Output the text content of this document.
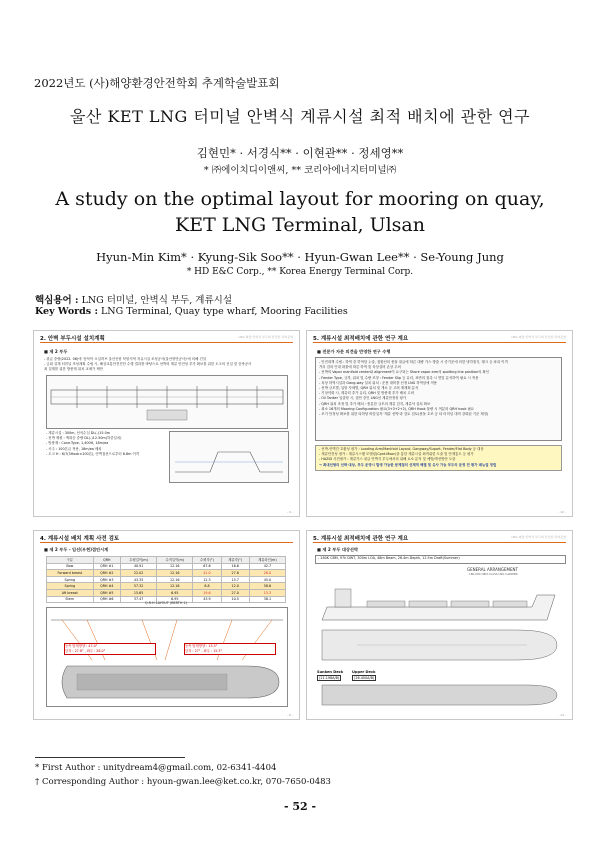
2022년도 (사)해양환경안전학회 추계학술발표회
울산 KET LNG 터미널 안벽식 계류시설 최적 배치에 관한 연구
김현민* · 서경식** · 이현관** · 정세영**
* ㈜에이치디이앤씨, ** 코리아에너지터미널㈜
A study on the optimal layout for mooring on quay, KET LNG Terminal, Ulsan
Hyun-Min Kim* · Kyung-Sik Soo** · Hyun-Gwan Lee** · Se-Young Jung
* HD E&C Corp., ** Korea Energy Terminal Corp.
핵심용어 : LNG 터미널, 안벽식 부두, 계류시설
Key Words : LNG Terminal, Quay type wharf, Mooring Facilities
LNG 화물 안벽식 부두의 안전한 하역운영
2. 안벽 부두시설 설치계획
■ 제 2 부두
- 취급 중량(2022. 06)에 '동북아 오일허브 울산신항 북항지역 저유시설 조성공사(울산항만공사)'에 의해 건설
- 금회 설계 터미널 조성계획 수립 시, 해상교통안전진단 수행 결과를 바탕으로 선박의 계류 안전성 추가 확보를 위한 도크의 신설 및 증축공사
최 설계를 위한 방충재 위치 교체가 제안
- 계류시설 : 300m, 선석수심 DL(-)15.0m
- 선박 제원 : 액화순 중량 DL(-)12.50m(하중일치)
- 방충재 : Cone-Type, 1,400H, 18m/ea
- 곡주 : 100톤급 적용, 18m/ea 배치
- 도크 H : 6/7(3Hook×100톤), 안벽접선으로부터 6.8m 이격
- 9 -
LNG 화물 안벽식 부두의 안전한 하역운영
5. 계류시설 최적배치에 관한 연구 계요
■ 전문가 자문 의견을 반영한 연구 수행
- 안전대책 수립 : 하역 중 하역암 누출, 접합선의 충돌 취급에 따른 대량 가스 방출 시 증기운에 의한 냉각칠식, 탱크 등 파괴 이격
거리 검의 인대 화물에 따른 하역 및 육상설비 손상 우려
- 선박의 Vapor manifold center와 alignment이 요구되는 Shore vapor arm의 spotting line position의 확인
- Fender Type, 규격, 위치 및 수량 조정 : Fender Slip 등 유리, 표면의 접촉 시 면밀 분석하여 필요 시 적용
- 육상 하역시설과 Gang-way 설치 위치 : 운용 대비를 선정 LNG 하역암에 적용
- 선박 규모별, 입항 자세별, QRH 위치 및 개소 등 고려 재계획 분석
- 기상악화 시, 계류력 추가 유리, QRH 및 방충재 추가 배치 고려
- Oil Tanker 입출항 시, 접안 중인 LNG선 계류안정성 평가
- QRH 위치 조정 및 추가 배치 : 충분한 규모의 계류 검지, 계류삭 설치 확보
- 최소 16개의 Mooring Configuration 필요(3+3+2+2), QRH Hook 물량 시 여분의 QRH hook 필요
- 조기 안정성 확보를 위한 타하당 바감일자 '계류 선박'과 검토 검토(충돌 초조 등 타 터미널 대비 강화된 기준 제정)
- 선박-안벽간 호환성 평가 : Loading Arm/Manifold Layout, Gangway/Suport, Fender/Flat Body 등 대상
- 계류안전성 평가 : 계류시스템 모델링(Cpnt-Moor)을 통한 계류시설 최적위한 도출 및 안계통도 등 평가
- HAZID 사전평가 : 계류가스 취급 안벽식 부두에서의 위해 요소 분석 및 예방/개선방안 도출
→ 최대선형의 선박 대상, 부두 운영시 발생 가능한 문제점의 선제적 해결 및 유사 가능 부두의 운영 전 평가 매뉴얼 정립
- 12 -
4. 계류시설 배치 계획 사전 검토
■ 제 2 부두 - 입선(우현)접안시계
구분	QRH	수평길이(m)	수직길이(m)	수평각(°)	계류각(°)	계류라인(m)
Bow	QRH #1	40.91	12.16	67.6	16.6	42.7
Forward breast	QRH #2	22.02	12.16	41.0	27.8	28.0
Spring	QRH #3	43.35	12.16	12.3	15.7	45.0
Spring	QRH #4	57.32	12.16	8.8	12.0	58.6
Aft breast	QRH #5	15.65	6.95	19.6	27.0	15.3
Stern	QRH #6	37.47	6.95	43.9	10.5	38.1
Q.R.H LAYOUT (BERTH 2)
동측 탑재방향 : 47.0°
앞착 : 27.8° , 좌우 : 28.0°
동측 탑재방향 : 15.5°
앞착 : 27° , 좌우 : 15.3°
- 8 -
LNG 화물 안벽식 부두의 안전한 하역운영
5. 계류시설 최적배치에 관한 연구 계요
■ 제 2 부두 대상선박
- 180K CBM, 97k DWT, 300m LOA, 48m Beam, 26.4m Depth, 12.5m Draft(Summer)
GENERAL ARRANGEMENT
180,000 CBM CLASS LNG CARRIER
Sunken Deck
(21.198A/B)
Upper Deck
(26.400A/B)
- 14 -
* First Author : unitydream4@gmail.com, 02-6341-4404
† Corresponding Author : hyoun-gwan.lee@ket.co.kr, 070-7650-0483
- 52 -
